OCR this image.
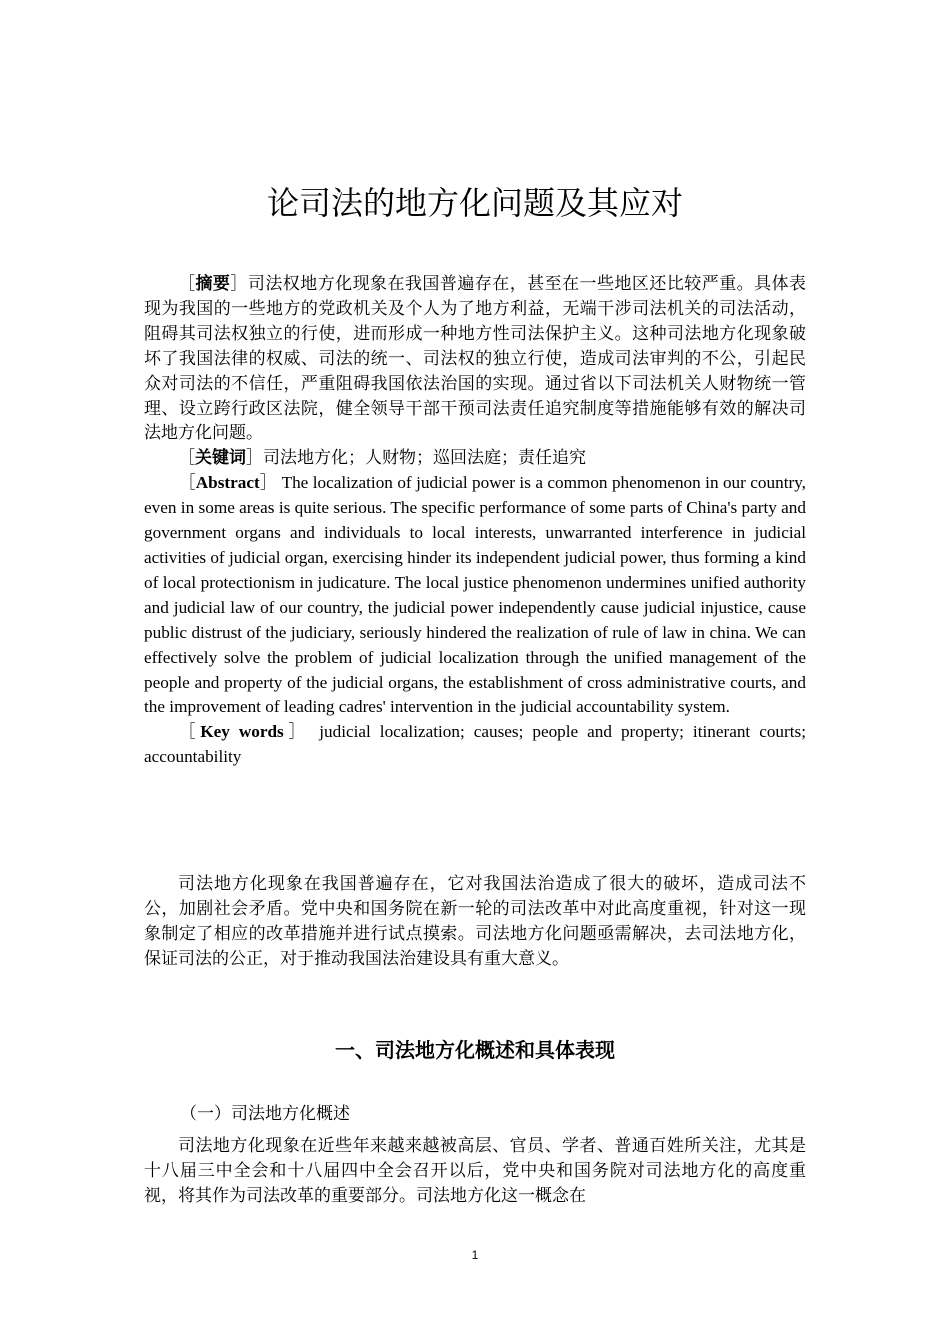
论司法的地方化问题及其应对

［摘要］司法权地方化现象在我国普遍存在，甚至在一些地区还比较严重。具体表现为我国的一些地方的党政机关及个人为了地方利益，无端干涉司法机关的司法活动，阻碍其司法权独立的行使，进而形成一种地方性司法保护主义。这种司法地方化现象破坏了我国法律的权威、司法的统一、司法权的独立行使，造成司法审判的不公，引起民众对司法的不信任，严重阻碍我国依法治国的实现。通过省以下司法机关人财物统一管理、设立跨行政区法院，健全领导干部干预司法责任追究制度等措施能够有效的解决司法地方化问题。

［关键词］司法地方化；人财物；巡回法庭；责任追究

［Abstract］ The localization of judicial power is a common phenomenon in our country, even in some areas is quite serious. The specific performance of some parts of China's party and government organs and individuals to local interests, unwarranted interference in judicial activities of judicial organ, exercising hinder its independent judicial power, thus forming a kind of local protectionism in judicature. The local justice phenomenon undermines unified authority and judicial law of our country, the judicial power independently cause judicial injustice, cause public distrust of the judiciary, seriously hindered the realization of rule of law in china. We can effectively solve the problem of judicial localization through the unified management of the people and property of the judicial organs, the establishment of cross administrative courts, and the improvement of leading cadres' intervention in the judicial accountability system.

［Key words］ judicial localization; causes; people and property; itinerant courts; accountability

司法地方化现象在我国普遍存在，它对我国法治造成了很大的破坏，造成司法不公，加剧社会矛盾。党中央和国务院在新一轮的司法改革中对此高度重视，针对这一现象制定了相应的改革措施并进行试点摸索。司法地方化问题亟需解决，去司法地方化，保证司法的公正，对于推动我国法治建设具有重大意义。

一、司法地方化概述和具体表现
（一）司法地方化概述

司法地方化现象在近些年来越来越被高层、官员、学者、普通百姓所关注，尤其是十八届三中全会和十八届四中全会召开以后，党中央和国务院对司法地方化的高度重视，将其作为司法改革的重要部分。司法地方化这一概念在

1
